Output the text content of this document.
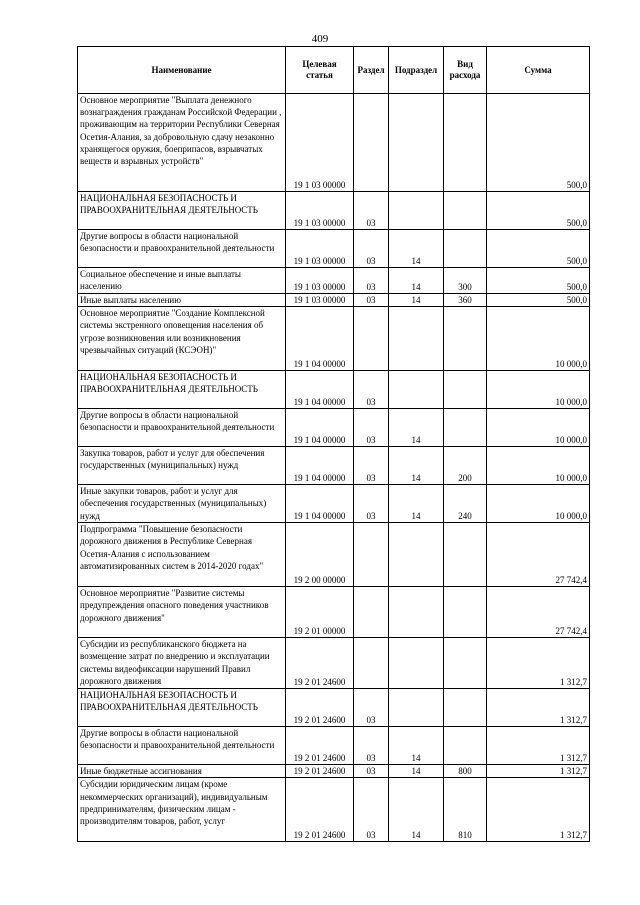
409
Наименование	Целевая статья	Раздел	Подраздел	Вид расхода	Сумма
Основное мероприятие "Выплата денежного вознаграждения гражданам Российской Федерации , проживающим на территории Республики Северная Осетия-Алания, за добровольную сдачу незаконно хранящегося оружия, боеприпасов, взрывчатых веществ и взрывных устройств"	19 1 03 00000				500,0
НАЦИОНАЛЬНАЯ БЕЗОПАСНОСТЬ И ПРАВООХРАНИТЕЛЬНАЯ ДЕЯТЕЛЬНОСТЬ	19 1 03 00000	03			500,0
Другие вопросы в области национальной безопасности и правоохранительной деятельности	19 1 03 00000	03	14		500,0
Социальное обеспечение и иные выплаты населению	19 1 03 00000	03	14	300	500,0
Иные выплаты населению	19 1 03 00000	03	14	360	500,0
Основное мероприятие "Создание Комплексной системы экстренного оповещения населения об угрозе возникновения или возникновения чрезвычайных ситуаций (КСЭОН)"	19 1 04 00000				10 000,0
НАЦИОНАЛЬНАЯ БЕЗОПАСНОСТЬ И ПРАВООХРАНИТЕЛЬНАЯ ДЕЯТЕЛЬНОСТЬ	19 1 04 00000	03			10 000,0
Другие вопросы в области национальной безопасности и правоохранительной деятельности	19 1 04 00000	03	14		10 000,0
Закупка товаров, работ и услуг для обеспечения государственных (муниципальных) нужд	19 1 04 00000	03	14	200	10 000,0
Иные закупки товаров, работ и услуг для обеспечения государственных (муниципальных) нужд	19 1 04 00000	03	14	240	10 000,0
Подпрограмма "Повышение безопасности дорожного движения в Республике Северная Осетия-Алания с использованием автоматизированных систем в 2014-2020 годах"	19 2 00 00000				27 742,4
Основное мероприятие "Развитие системы предупреждения опасного поведения участников дорожного движения"	19 2 01 00000				27 742,4
Субсидии из республиканского бюджета на возмещение затрат по внедрению и эксплуатации системы видеофиксации нарушений Правил дорожного движения	19 2 01 24600				1 312,7
НАЦИОНАЛЬНАЯ БЕЗОПАСНОСТЬ И ПРАВООХРАНИТЕЛЬНАЯ ДЕЯТЕЛЬНОСТЬ	19 2 01 24600	03			1 312,7
Другие вопросы в области национальной безопасности и правоохранительной деятельности	19 2 01 24600	03	14		1 312,7
Иные бюджетные ассигнования	19 2 01 24600	03	14	800	1 312,7
Субсидии юридическим лицам (кроме некоммерческих организаций), индивидуальным предпринимателям, физическим лицам - производителям товаров, работ, услуг	19 2 01 24600	03	14	810	1 312,7
